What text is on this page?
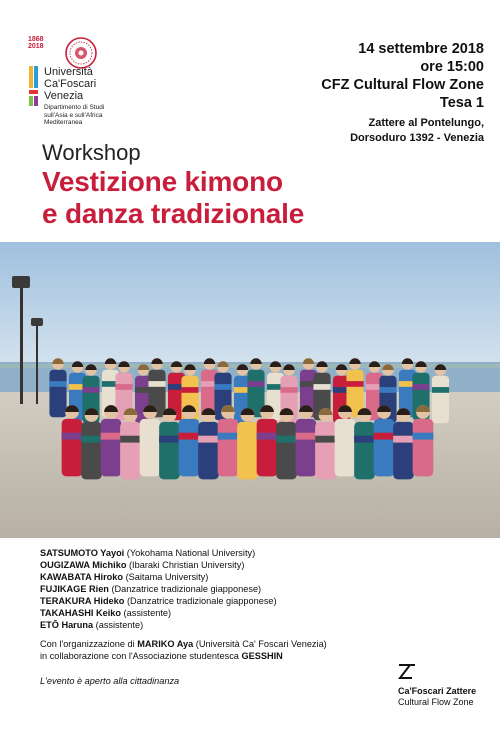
1868 2018
Università
Ca'Foscari
Venezia
Dipartimento di Studi
sull'Asia e sull'Africa
Mediterranea
14 settembre 2018
ore 15:00
CFZ Cultural Flow Zone
Tesa 1
Zattere al Pontelungo,
Dorsoduro 1392 - Venezia
Workshop
Vestizione kimono
e danza tradizionale
SATSUMOTO Yayoi (Yokohama National University)
OUGIZAWA Michiko (Ibaraki Christian University)
KAWABATA Hiroko (Saitama University)
FUJIKAGE Rien (Danzatrice tradizionale giapponese)
TERAKURA Hideko (Danzatrice tradizionale giapponese)
TAKAHASHI Keiko (assistente)
ETŌ Haruna (assistente)
Con l'organizzazione di MARIKO Aya (Università Ca' Foscari Venezia)
in collaborazione con l'Associazione studentesca GESSHIN
L'evento è aperto alla cittadinanza
Ca'Foscari Zattere
Cultural Flow Zone
